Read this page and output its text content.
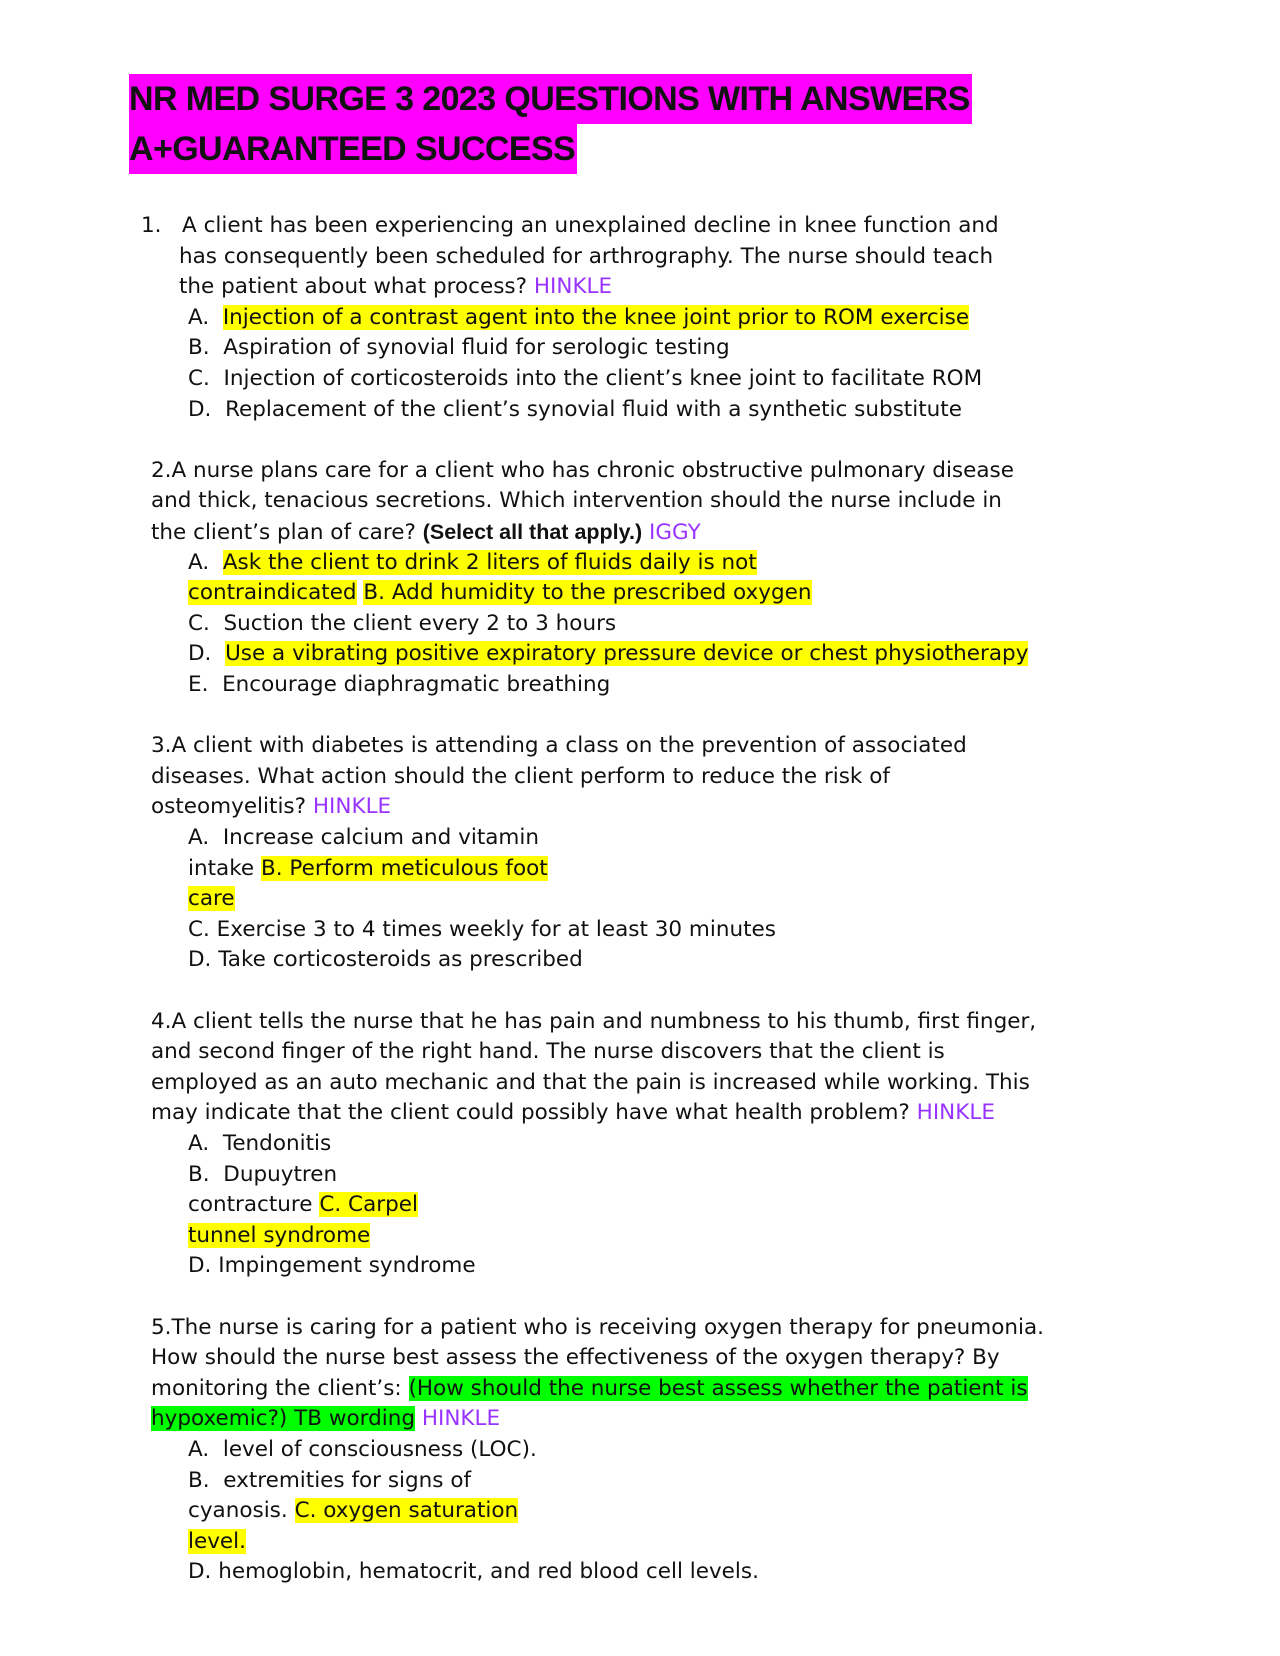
NR MED SURGE 3 2023 QUESTIONS WITH ANSWERS
A+GUARANTEED SUCCESS
1. A client has been experiencing an unexplained decline in knee function and
has consequently been scheduled for arthrography. The nurse should teach
the patient about what process? HINKLE
A. Injection of a contrast agent into the knee joint prior to ROM exercise
B. Aspiration of synovial fluid for serologic testing
C. Injection of corticosteroids into the client’s knee joint to facilitate ROM
D. Replacement of the client’s synovial fluid with a synthetic substitute
2.A nurse plans care for a client who has chronic obstructive pulmonary disease
and thick, tenacious secretions. Which intervention should the nurse include in
the client’s plan of care? (Select all that apply.) IGGY
A. Ask the client to drink 2 liters of fluids daily is not
contraindicated B. Add humidity to the prescribed oxygen
C. Suction the client every 2 to 3 hours
D. Use a vibrating positive expiratory pressure device or chest physiotherapy
E. Encourage diaphragmatic breathing
3.A client with diabetes is attending a class on the prevention of associated
diseases. What action should the client perform to reduce the risk of
osteomyelitis? HINKLE
A. Increase calcium and vitamin
intake B. Perform meticulous foot
care
C. Exercise 3 to 4 times weekly for at least 30 minutes
D. Take corticosteroids as prescribed
4.A client tells the nurse that he has pain and numbness to his thumb, first finger,
and second finger of the right hand. The nurse discovers that the client is
employed as an auto mechanic and that the pain is increased while working. This
may indicate that the client could possibly have what health problem? HINKLE
A. Tendonitis
B. Dupuytren
contracture C. Carpel
tunnel syndrome
D. Impingement syndrome
5.The nurse is caring for a patient who is receiving oxygen therapy for pneumonia.
How should the nurse best assess the effectiveness of the oxygen therapy? By
monitoring the client’s: (How should the nurse best assess whether the patient is
hypoxemic?) TB wording HINKLE
A. level of consciousness (LOC).
B. extremities for signs of
cyanosis. C. oxygen saturation
level.
D. hemoglobin, hematocrit, and red blood cell levels.
